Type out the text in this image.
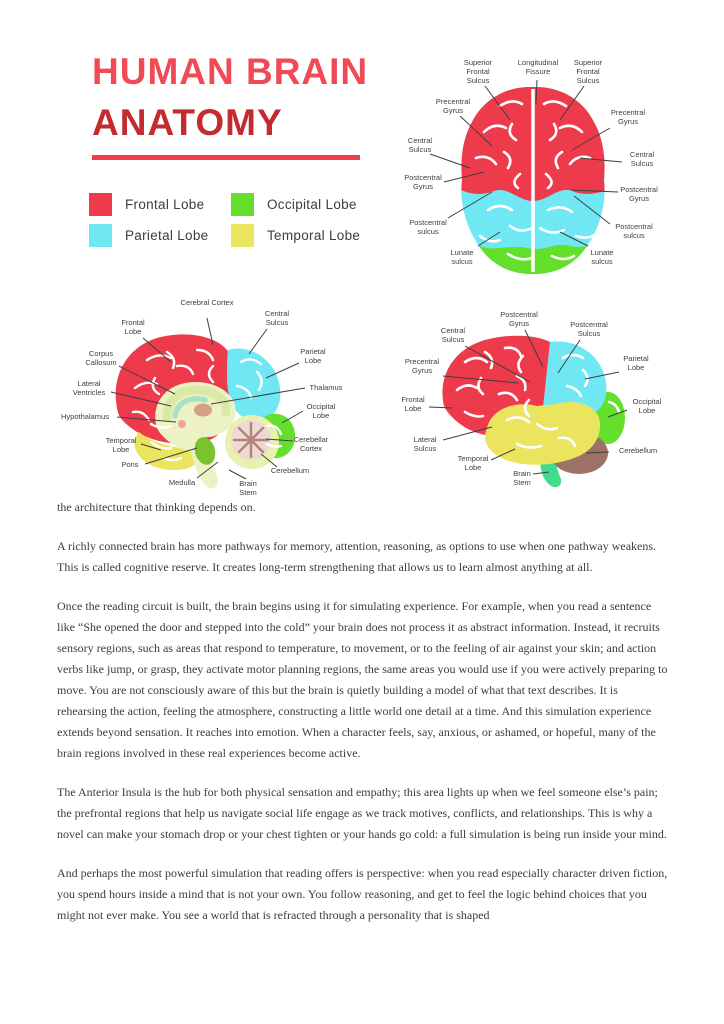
HUMAN BRAIN
ANATOMY
Frontal Lobe
Parietal Lobe
Occipital Lobe
Temporal Lobe
Superior Frontal Sulcus
Longitudinal Fissure
Superior Frontal Sulcus
Precentral Gyrus	Precentral Gyrus
Central Sulcus
Central Sulcus
Postcentral Gyrus	Postcentral Gyrus
Postcentral sulcus
Postcentral sulcus
Lunate sulcus
Lunate sulcus
Cerebral Cortex
Central Sulcus
Frontal Lobe
Corpus Callosum
Lateral Ventricles
Hypothalamus
Temporal Lobe
Pons
Medulla	Brain Stem
Cerebellum
Cerebellar Cortex
Occipital Lobe
Thalamus
Parietal Lobe
Postcentral Gyrus	Postcentral Sulcus
Central Sulcus
Precentral Gyrus
Parietal Lobe
Frontal Lobe
Occipital Lobe
Lateral Sulcus	Cerebellum
Temporal Lobe
Brain Stem

the architecture that thinking depends on.

A richly connected brain has more pathways for memory, attention, reasoning, as options to use when one pathway weakens. This is called cognitive reserve. It creates long-term strengthening that allows us to learn almost anything at all.

Once the reading circuit is built, the brain begins using it for simulating experience. For example, when you read a sentence like “She opened the door and stepped into the cold” your brain does not process it as abstract information. Instead, it recruits sensory regions, such as areas that respond to temperature, to movement, or to the feeling of air against your skin; and action verbs like jump, or grasp, they activate motor planning regions, the same areas you would use if you were actively preparing to move. You are not consciously aware of this but the brain is quietly building a model of what that text describes. It is rehearsing the action, feeling the atmosphere, constructing a little world one detail at a time. And this simulation experience extends beyond sensation. It reaches into emotion. When a character feels, say, anxious, or ashamed, or hopeful, many of the brain regions involved in these real experiences become active.

The Anterior Insula is the hub for both physical sensation and empathy; this area lights up when we feel someone else’s pain; the prefrontal regions that help us navigate social life engage as we track motives, conflicts, and relationships. This is why a novel can make your stomach drop or your chest tighten or your hands go cold: a full simulation is being run inside your mind.

And perhaps the most powerful simulation that reading offers is perspective: when you read especially character driven fiction, you spend hours inside a mind that is not your own. You follow reasoning, and get to feel the logic behind choices that you might not ever make. You see a world that is refracted through a personality that is shaped
